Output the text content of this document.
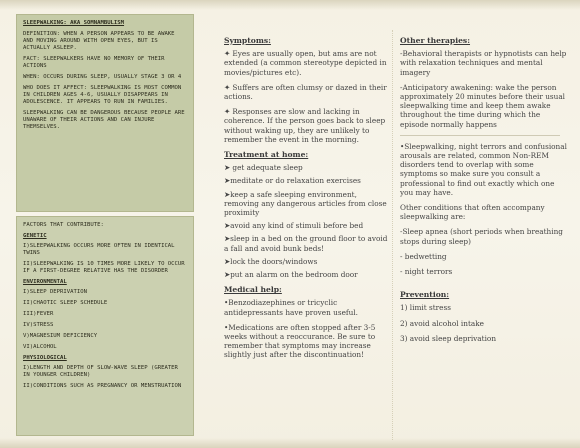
SLEEPWALKING: AKA SOMNAMBULISM

DEFINITION: WHEN A PERSON APPEARS TO BE AWAKE AND MOVING AROUND WITH OPEN EYES, BUT IS ACTUALLY ASLEEP.

FACT: SLEEPWALKERS HAVE NO MEMORY OF THEIR ACTIONS

WHEN: OCCURS DURING SLEEP, USUALLY STAGE 3 OR 4

WHO DOES IT AFFECT: SLEEPWALKING IS MOST COMMON IN CHILDREN AGES 4-6, USUALLY DISAPPEARS IN ADOLESCENCE. IT APPEARS TO RUN IN FAMILIES.

SLEEPWALKING CAN BE DANGEROUS BECAUSE PEOPLE ARE UNAWARE OF THEIR ACTIONS AND CAN INJURE THEMSELVES.

FACTORS THAT CONTRIBUTE:

GENETIC

I)SLEEPWALKING OCCURS MORE OFTEN IN IDENTICAL TWINS

II)SLEEPWALKING IS 10 TIMES MORE LIKELY TO OCCUR IF A FIRST-DEGREE RELATIVE HAS THE DISORDER

ENVIRONMENTAL

I)SLEEP DEPRIVATION

II)CHAOTIC SLEEP SCHEDULE

III)FEVER

IV)STRESS

V)MAGNESIUM DEFICIENCY

VI)ALCOHOL

PHYSIOLOGICAL

I)LENGTH AND DEPTH OF SLOW-WAVE SLEEP (GREATER IN YOUNGER CHILDREN)

II)CONDITIONS SUCH AS PREGNANCY OR MENSTRUATION

Symptoms:

✦ Eyes are usually open, but ams are not extended (a common stereotype depicted in movies/pictures etc).

✦ Suffers are often clumsy or dazed in their actions.

✦ Responses are slow and lacking in coherence. If the person goes back to sleep without waking up, they are unlikely to remember the event in the morning.

Treatment at home:
➤ get adequate sleep
➤meditate or do relaxation exercises
➤keep a safe sleeping environment, removing any dangerous articles from close proximity
➤avoid any kind of stimuli before bed
➤sleep in a bed on the ground floor to avoid a fall and avoid bunk beds!
➤lock the doors/windows
➤put an alarm on the bedroom door
Medical help:

•Benzodiazephines or tricyclic antidepressants have proven useful.

•Medications are often stopped after 3-5 weeks without a reoccurance. Be sure to remember that symptoms may increase slightly just after the discontinuation!

Other therapies:

-Behavioral therapists or hypnotists can help with relaxation techniques and mental imagery

-Anticipatory awakening: wake the person approximately 20 minutes before their usual sleepwalking time and keep them awake throughout the time during which the episode normally happens

•Sleepwalking, night terrors and confusional arousals are related, common Non-REM disorders tend to overlap with some symptoms so make sure you consult a professional to find out exactly which one you may have.

Other conditions that often accompany sleepwalking are:

-Sleep apnea (short periods when breathing stops during sleep)

- bedwetting

- night terrors

Prevention:

1) limit stress

2) avoid alcohol intake

3) avoid sleep deprivation
